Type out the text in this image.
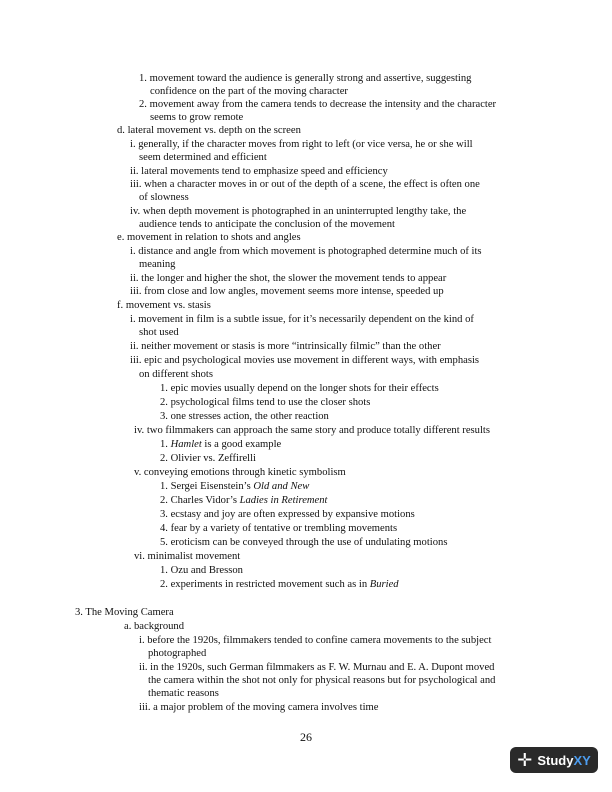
1. movement toward the audience is generally strong and assertive, suggesting

confidence on the part of the moving character

2. movement away from the camera tends to decrease the intensity and the character

seems to grow remote

d. lateral movement vs. depth on the screen

i. generally, if the character moves from right to left (or vice versa, he or she will

seem determined and efficient

ii. lateral movements tend to emphasize speed and efficiency

iii. when a character moves in or out of the depth of a scene, the effect is often one

of slowness

iv. when depth movement is photographed in an uninterrupted lengthy take, the

audience tends to anticipate the conclusion of the movement

e. movement in relation to shots and angles

i. distance and angle from which movement is photographed determine much of its

meaning

ii. the longer and higher the shot, the slower the movement tends to appear

iii. from close and low angles, movement seems more intense, speeded up

f. movement vs. stasis

i. movement in film is a subtle issue, for it’s necessarily dependent on the kind of

shot used

ii. neither movement or stasis is more “intrinsically filmic” than the other

iii. epic and psychological movies use movement in different ways, with emphasis

on different shots

1. epic movies usually depend on the longer shots for their effects

2. psychological films tend to use the closer shots

3. one stresses action, the other reaction

iv. two filmmakers can approach the same story and produce totally different results

1. Hamlet is a good example

2. Olivier vs. Zeffirelli

v. conveying emotions through kinetic symbolism

1. Sergei Eisenstein’s Old and New

2. Charles Vidor’s Ladies in Retirement

3. ecstasy and joy are often expressed by expansive motions

4. fear by a variety of tentative or trembling movements

5. eroticism can be conveyed through the use of undulating motions

vi. minimalist movement

1. Ozu and Bresson

2. experiments in restricted movement such as in Buried

3. The Moving Camera

a. background

i. before the 1920s, filmmakers tended to confine camera movements to the subject

photographed

ii. in the 1920s, such German filmmakers as F. W. Murnau and E. A. Dupont moved

the camera within the shot not only for physical reasons but for psychological and

thematic reasons

iii. a major problem of the moving camera involves time

26
✛ StudyXY
